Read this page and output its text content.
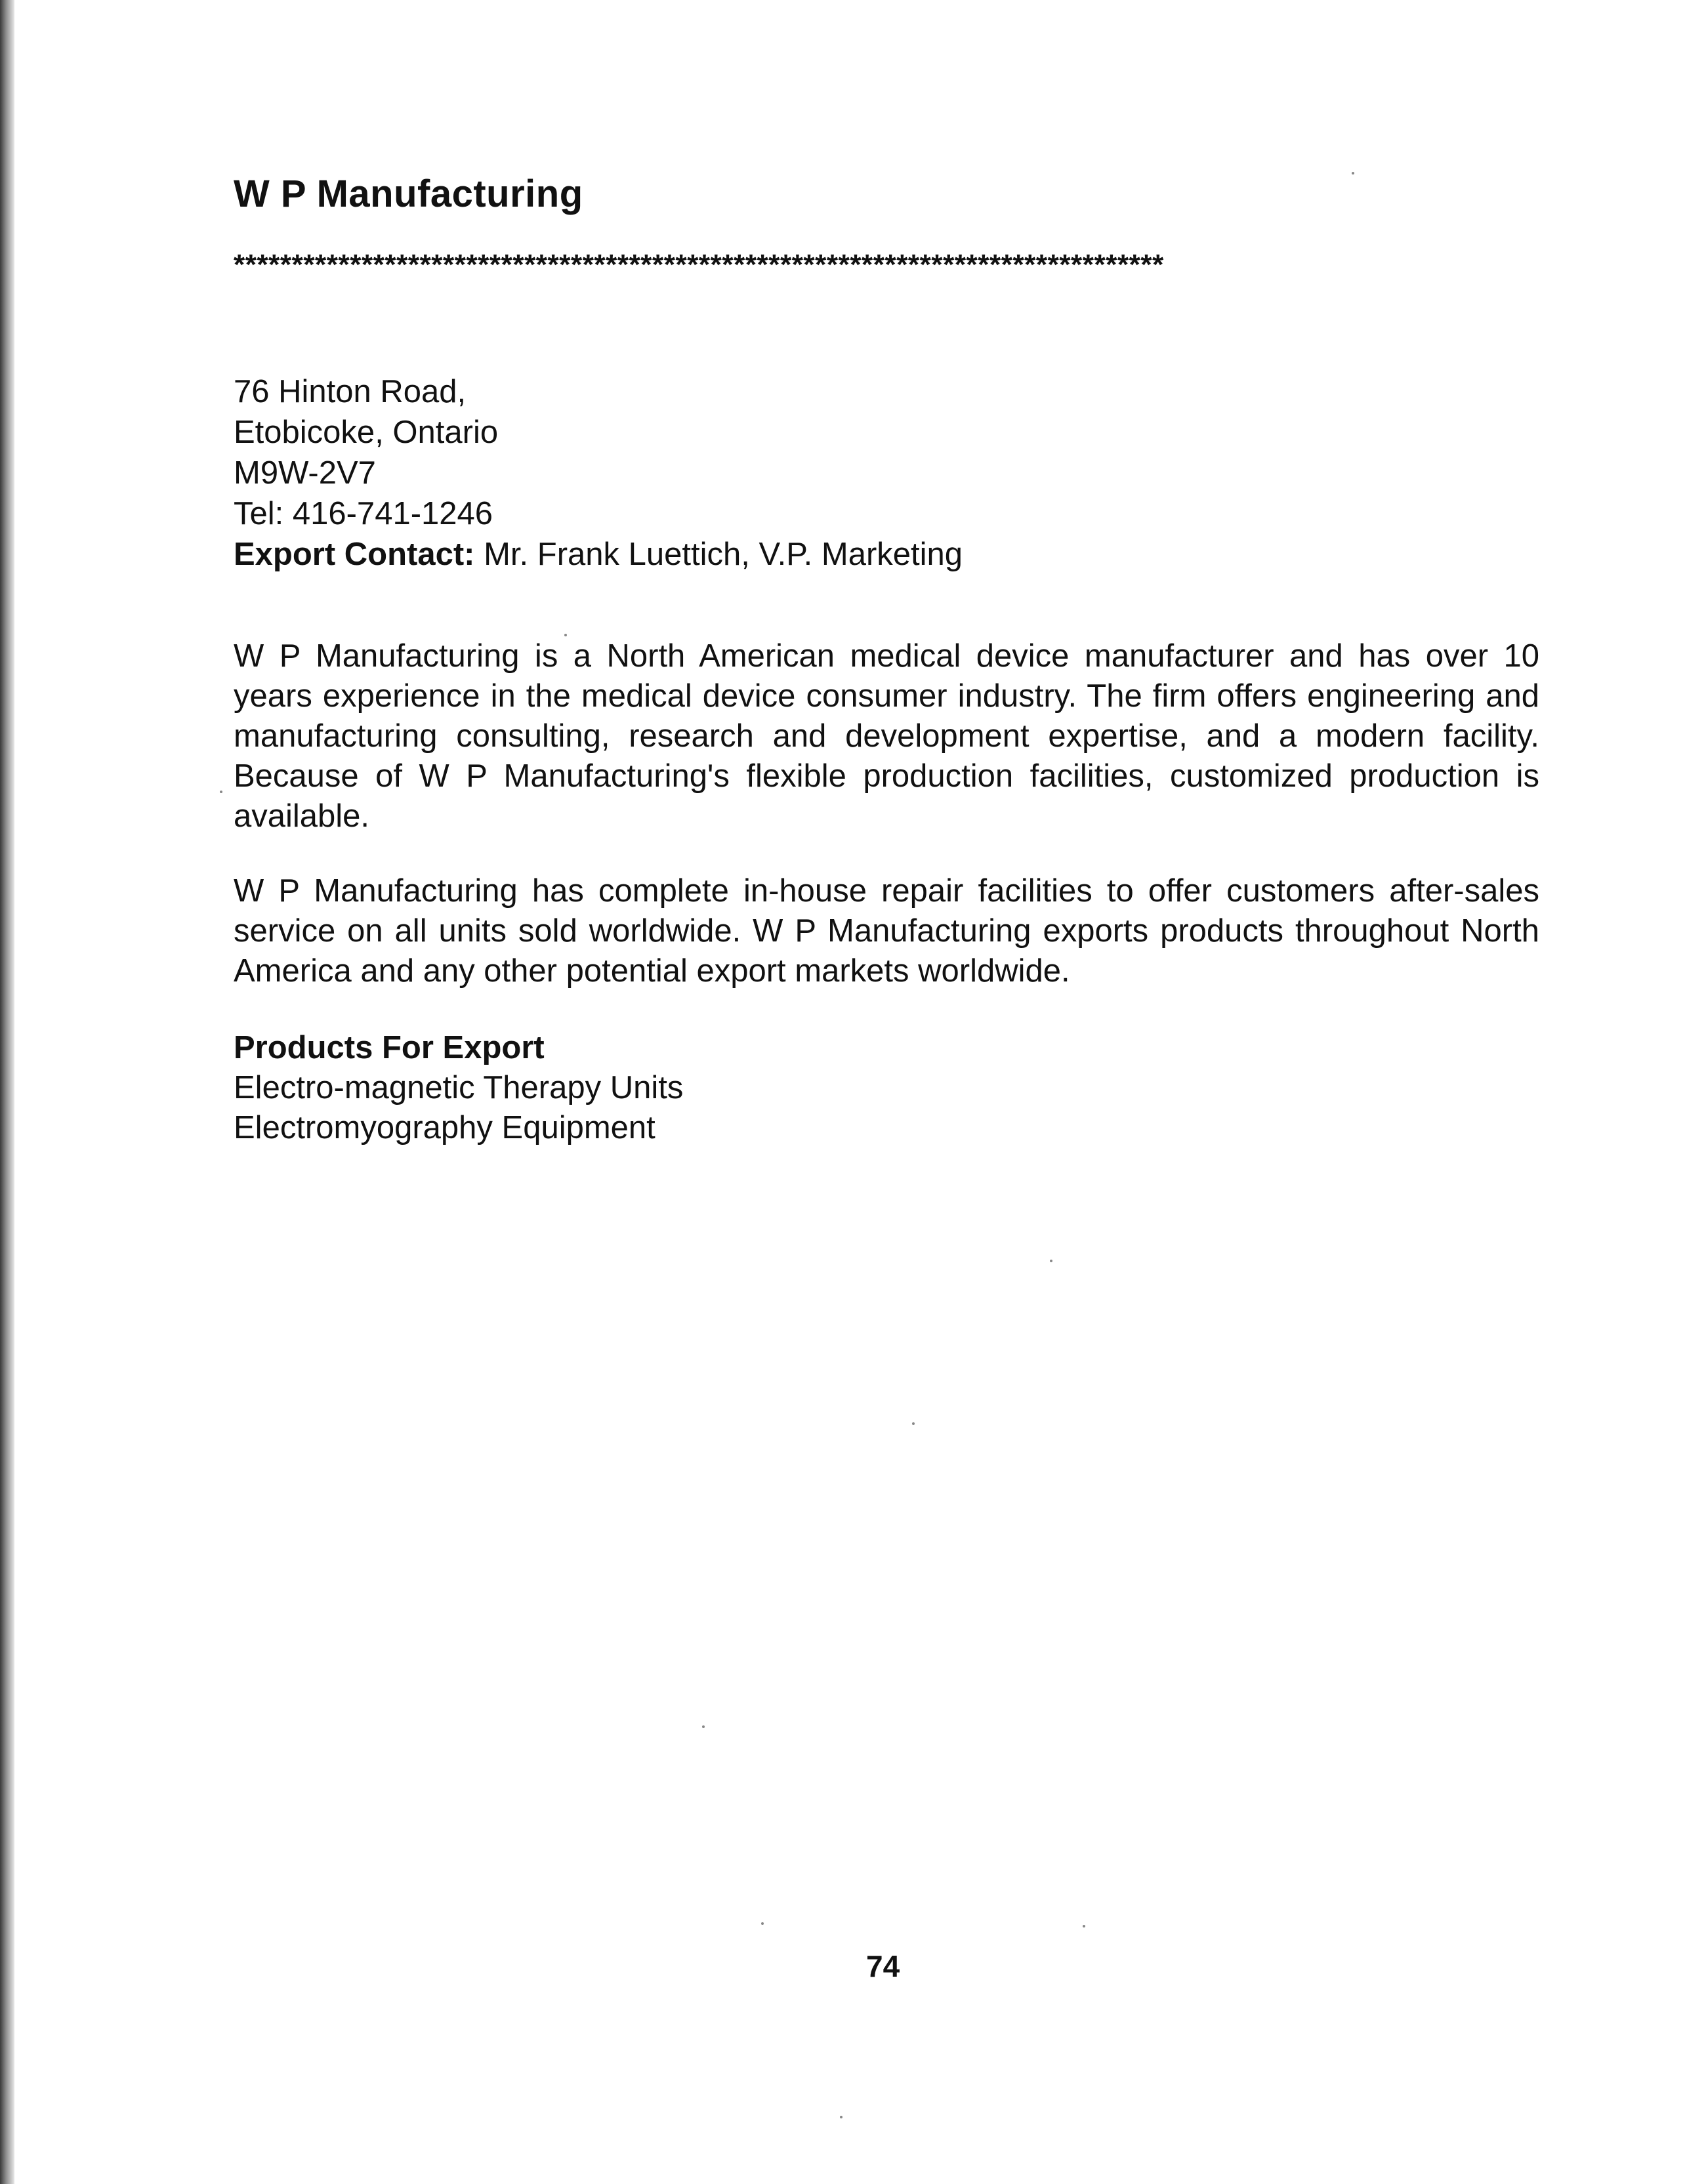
W P Manufacturing
********************************************************************************
76 Hinton Road,
Etobicoke, Ontario
M9W-2V7
Tel: 416-741-1246
Export Contact: Mr. Frank Luettich, V.P. Marketing
W P Manufacturing is a North American medical device manufacturer and has over 10 years experience in the medical device consumer industry. The firm offers engineering and manufacturing consulting, research and development expertise, and a modern facility. Because of W P Manufacturing's flexible production facilities, customized production is available.
W P Manufacturing has complete in-house repair facilities to offer customers after-sales service on all units sold worldwide. W P Manufacturing exports products throughout North America and any other potential export markets worldwide.
Products For Export
Electro-magnetic Therapy Units
Electromyography Equipment
74
